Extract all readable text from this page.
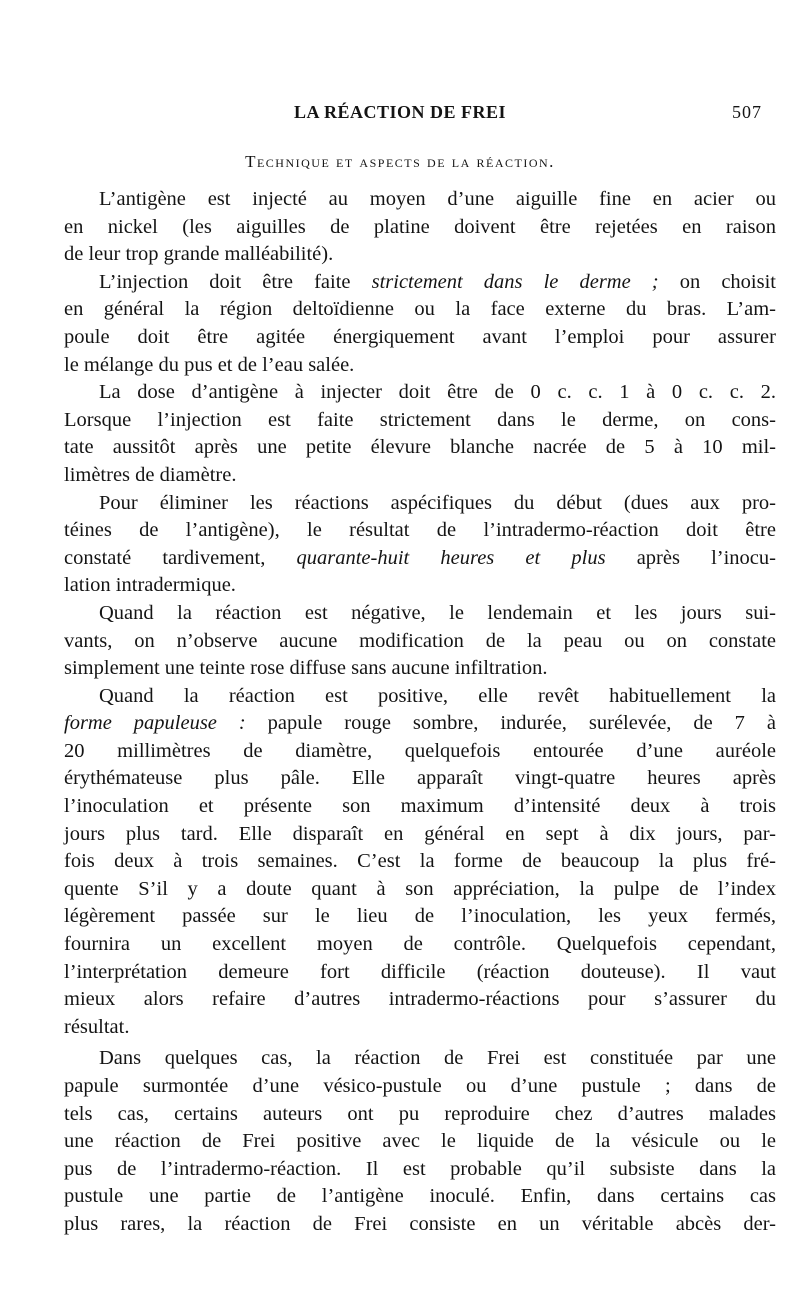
LA RÉACTION DE FREI	507
Technique et aspects de la réaction.
L’antigène est injecté au moyen d’une aiguille fine en acier ou
en nickel (les aiguilles de platine doivent être rejetées en raison
de leur trop grande malléabilité).
L’injection doit être faite strictement dans le derme ; on choisit
en général la région deltoïdienne ou la face externe du bras. L’am-
poule doit être agitée énergiquement avant l’emploi pour assurer
le mélange du pus et de l’eau salée.
La dose d’antigène à injecter doit être de 0 c. c. 1 à 0 c. c. 2.
Lorsque l’injection est faite strictement dans le derme, on cons-
tate aussitôt après une petite élevure blanche nacrée de 5 à 10 mil-
limètres de diamètre.
Pour éliminer les réactions aspécifiques du début (dues aux pro-
téines de l’antigène), le résultat de l’intradermo-réaction doit être
constaté tardivement, quarante-huit heures et plus après l’inocu-
lation intradermique.
Quand la réaction est négative, le lendemain et les jours sui-
vants, on n’observe aucune modification de la peau ou on constate
simplement une teinte rose diffuse sans aucune infiltration.
Quand la réaction est positive, elle revêt habituellement la
forme papuleuse : papule rouge sombre, indurée, surélevée, de 7 à
20 millimètres de diamètre, quelquefois entourée d’une auréole
érythémateuse plus pâle. Elle apparaît vingt-quatre heures après
l’inoculation et présente son maximum d’intensité deux à trois
jours plus tard. Elle disparaît en général en sept à dix jours, par-
fois deux à trois semaines. C’est la forme de beaucoup la plus fré-
quente S’il y a doute quant à son appréciation, la pulpe de l’index
légèrement passée sur le lieu de l’inoculation, les yeux fermés,
fournira un excellent moyen de contrôle. Quelquefois cependant,
l’interprétation demeure fort difficile (réaction douteuse). Il vaut
mieux alors refaire d’autres intradermo-réactions pour s’assurer du
résultat.
Dans quelques cas, la réaction de Frei est constituée par une
papule surmontée d’une vésico-pustule ou d’une pustule ; dans de
tels cas, certains auteurs ont pu reproduire chez d’autres malades
une réaction de Frei positive avec le liquide de la vésicule ou le
pus de l’intradermo-réaction. Il est probable qu’il subsiste dans la
pustule une partie de l’antigène inoculé. Enfin, dans certains cas
plus rares, la réaction de Frei consiste en un véritable abcès der-
